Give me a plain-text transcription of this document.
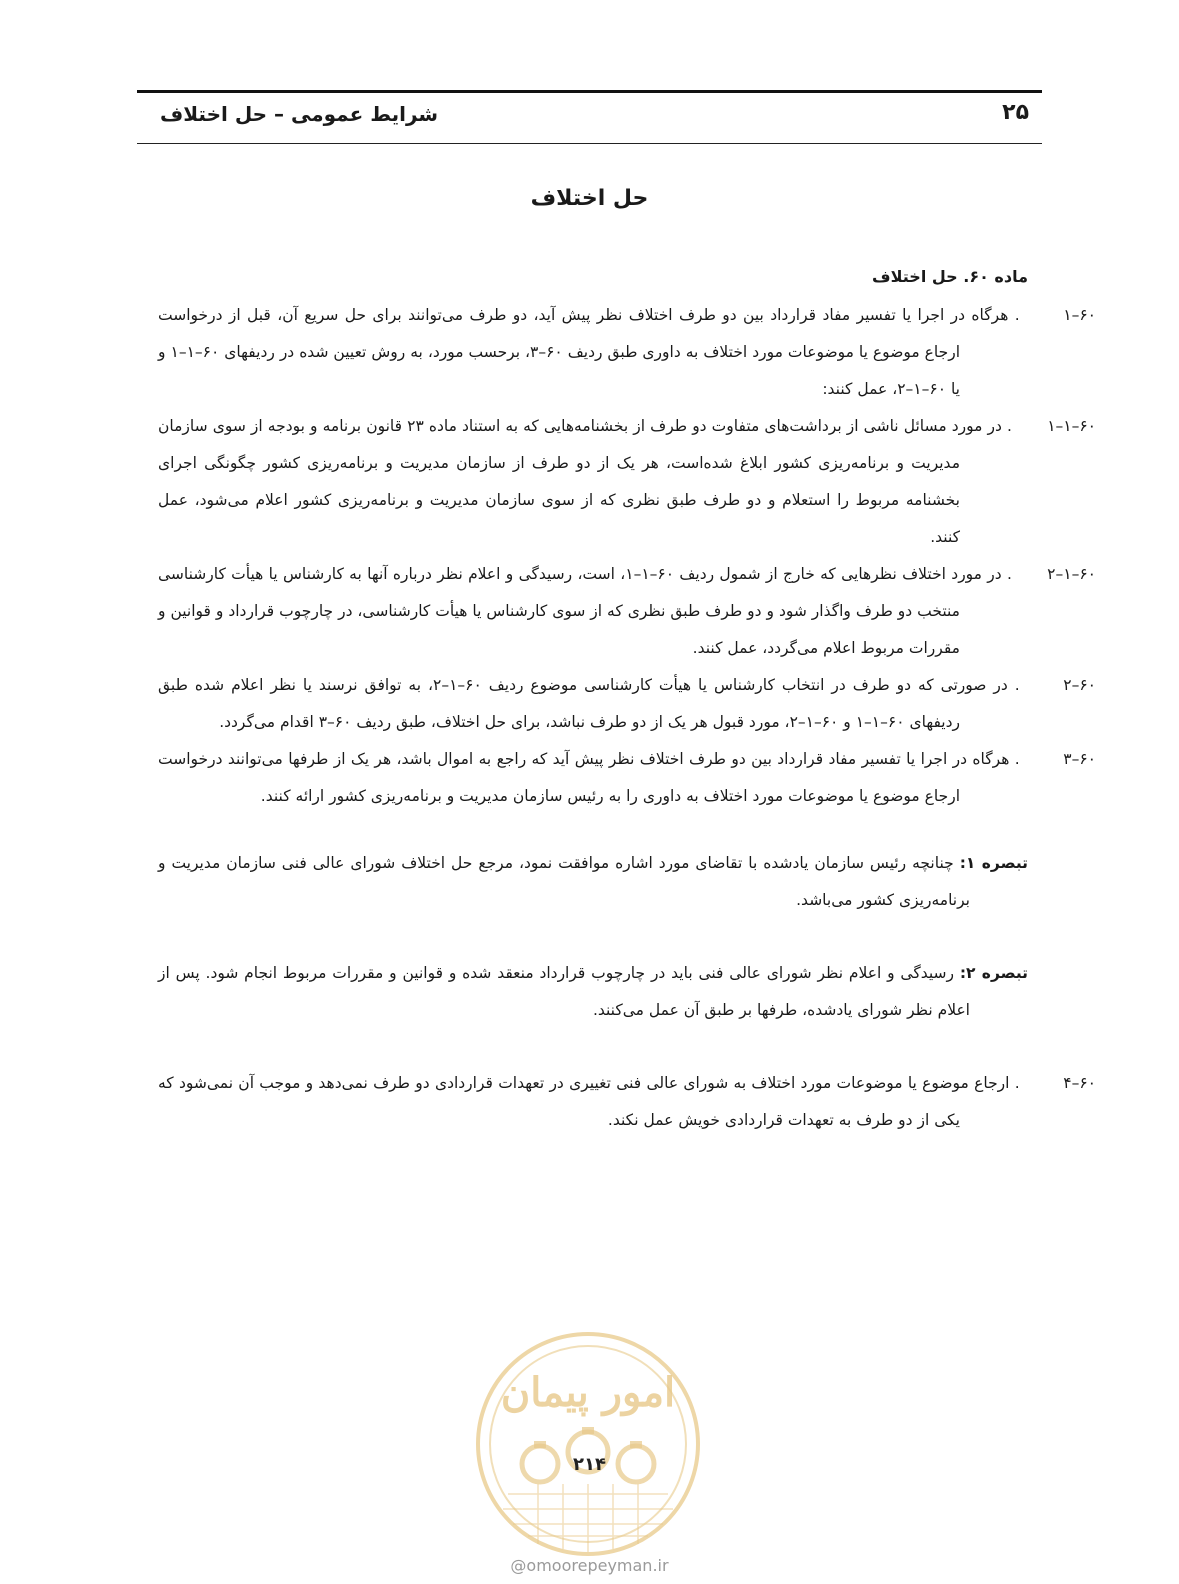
شرایط عمومی – حل اختلاف	۲۵
حل اختلاف
ماده ۶۰. حل اختلاف

۶۰–۱. هرگاه در اجرا یا تفسیر مفاد قرارداد بین دو طرف اختلاف نظر پیش آید، دو طرف می‌توانند برای حل سریع آن، قبل از درخواست ارجاع موضوع یا موضوعات مورد اختلاف به داوری طبق ردیف ۶۰–۳، برحسب مورد، به روش تعیین شده در ردیفهای ۶۰–۱–۱ و یا ۶۰–۱–۲، عمل کنند:

۶۰–۱–۱. در مورد مسائل ناشی از برداشت‌های متفاوت دو طرف از بخشنامه‌هایی که به استناد ماده ۲۳ قانون برنامه و بودجه از سوی سازمان مدیریت و برنامه‌ریزی کشور ابلاغ شده‌است، هر یک از دو طرف از سازمان مدیریت و برنامه‌ریزی کشور چگونگی اجرای بخشنامه مربوط را استعلام و دو طرف طبق نظری که از سوی سازمان مدیریت و برنامه‌ریزی کشور اعلام می‌شود، عمل کنند.

۶۰–۱–۲. در مورد اختلاف نظرهایی که خارج از شمول ردیف ۶۰–۱–۱، است، رسیدگی و اعلام نظر درباره آنها به کارشناس یا هیأت کارشناسی منتخب دو طرف واگذار شود و دو طرف طبق نظری که از سوی کارشناس یا هیأت کارشناسی، در چارچوب قرارداد و قوانین و مقررات مربوط اعلام می‌گردد، عمل کنند.

۶۰–۲. در صورتی که دو طرف در انتخاب کارشناس یا هیأت کارشناسی موضوع ردیف ۶۰–۱–۲، به توافق نرسند یا نظر اعلام شده طبق ردیفهای ۶۰–۱–۱ و ۶۰–۱–۲، مورد قبول هر یک از دو طرف نباشد، برای حل اختلاف، طبق ردیف ۶۰–۳ اقدام می‌گردد.

۶۰–۳. هرگاه در اجرا یا تفسیر مفاد قرارداد بین دو طرف اختلاف نظر پیش آید که راجع به اموال باشد، هر یک از طرفها می‌توانند درخواست ارجاع موضوع یا موضوعات مورد اختلاف به داوری را به رئیس سازمان مدیریت و برنامه‌ریزی کشور ارائه کنند.

تبصره ۱: چنانچه رئیس سازمان یادشده با تقاضای مورد اشاره موافقت نمود، مرجع حل اختلاف شورای عالی فنی سازمان مدیریت و برنامه‌ریزی کشور می‌باشد.

تبصره ۲: رسیدگی و اعلام نظر شورای عالی فنی باید در چارچوب قرارداد منعقد شده و قوانین و مقررات مربوط انجام شود. پس از اعلام نظر شورای یادشده، طرفها بر طبق آن عمل می‌کنند.

۶۰–۴. ارجاع موضوع یا موضوعات مورد اختلاف به شورای عالی فنی تغییری در تعهدات قراردادی دو طرف نمی‌دهد و موجب آن نمی‌شود که یکی از دو طرف به تعهدات قراردادی خویش عمل نکند.

امور پیمان
۲۱۴
@omoorepeyman.ir
